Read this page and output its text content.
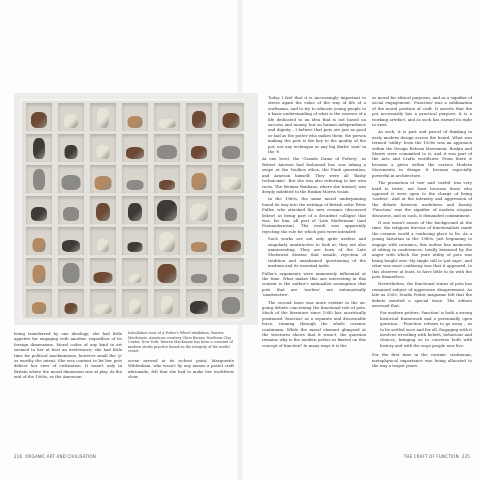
being transferred by one ideology; she had little appetite for engaging with another, regardless of its foreign dimensions. Moral codes of any kind in art seemed to her at best an irrelevance; she had little time for political machinations, however small the 'p' or worthy the intent. She was content to let her pots deliver her view of civilisation. It wasn't only in Britain where the moral dimension was at play. At the end of the 1960s, as the American

Installation view of A Potter's Wheel exhibition, Warren MacKenzie, American courtesy Chris Kerner, Northern Clay Center, New York. Warren MacKenzie has been a constant of modern studio practice based on the integrity of the useful vessel.

scene arrived at its richest point, Marguerite Wildenhain, who wasn't by any means a pastel craft aficionado, felt that she had to make her worldview clear.

Today I feel that it is increasingly important to stress again the value of the way of life of a craftsman, and to try to educate young people to a basic understanding of what is the essence of a life dedicated to an idea that is not based on success and money, but on human independence and dignity... I believe that pots are just as good or bad as the potter who makes them; the person making the pots is the key to the quality of the pot, not any technique or any big Barbe 'rant' in the '6

At one level, the 'Grande Dame of Pottery', as Robert Ameson had fashioned her, was taking a swipe at the Voulkos ethos, the Funk generation, and Arneson himself. They were all 'flashy technicians'. But she was also referring to her own roots. The Weimar Bauhaus, where she trained, was deeply indebted to the Ruskin-Morris vision.

In the 1960s, the same moral underpinning found its way into the writings of British critic Peter Fuller, who attacked the new ceramic (discussed below) as being part of a decadent collapse that was, for him, all part of 'Late Modernism' (and Postmodernism). The result was apparently rejecting the role for which pots were intended:

Such works are not only quite useless and singularly unattractive to look at; they are also uninteresting. They are born of the Late Modernist disease that assails, rejection of tradition and unashamed questioning of the medium and its essential tasks.

Fuller's arguments were immensely influential at the time. What makes this one interesting in this context is the author's nationalist assumption that pots that are 'useless' are automatically 'unattractive'.

The second issue was more evident in the on-going debate concerning the functional role of pots. Much of the literature since 1940 has uncritically positioned 'function' as a separate and discernable force, running through the whole ceramic continuum. While the moral element glimpsed at the strictures shows that it wasn't, the question remains why is the modern potter so fixated on this concept of function? In many ways it is the

so moral for ethical purposes, and as a signifier of social engagement. 'Function' was a sublimation of the moral position of craft. It asserts that the pot necessarily has a practical purpose; it is a working artefact, and as such has earned its right to exist.

As such, it is part and parcel of thinking in early modern design across the board. What was termed 'utility' from the 1930s was an approach within the Design Reform Movement. Ruskin and Morris were committed to it, and it was part of the Arts and Crafts worldview. From there it became a given within the various Modern Movements in design. It became especially powerful in architecture.

The promotion of 'use' and 'useful' was very hard to resist, not least because those who opposed it were open to the charge of being 'useless'. And at the intensity and aggression of the debate between usefulness and beauty 'Function' was the signifier of modern utopian discourse, and as such, it demanded commitment.

If one wasn't aware of the background at the time, the religious fervour of functionalists made the ceramic world a confusing place to be. As a young historian in the 1980s, just beginning to engage with ceramics, this author has memories of sitting in conferences, totally bemused by the anger with which the pure utility of pots was being fought over. My single call to 'pot sage', and what was most confusing was that it appeared, to this observer at least, to have little to do with the pots themselves.

Nevertheless, the functional status of pots has remained subject of aggressive disagreement. As late as 2005, Studio Potter magazine felt that the debate merited a special issue. The editors assessed that:

For modern potters, 'function' is both a strong historical framework and a perennially open question... 'Function' refuses to go away – as to be settled once and for all. Engaging with it involves wrestling with beliefs, behaviour and choices, bringing us to converse both with history and with the ways people now live.

For the first time in the ceramic continuum, metaphysical importance was being allocated to the way a teapot pours

216 ORGANIC ART AND CIVILISATION	THE CRAFT OF FUNCTION 235
